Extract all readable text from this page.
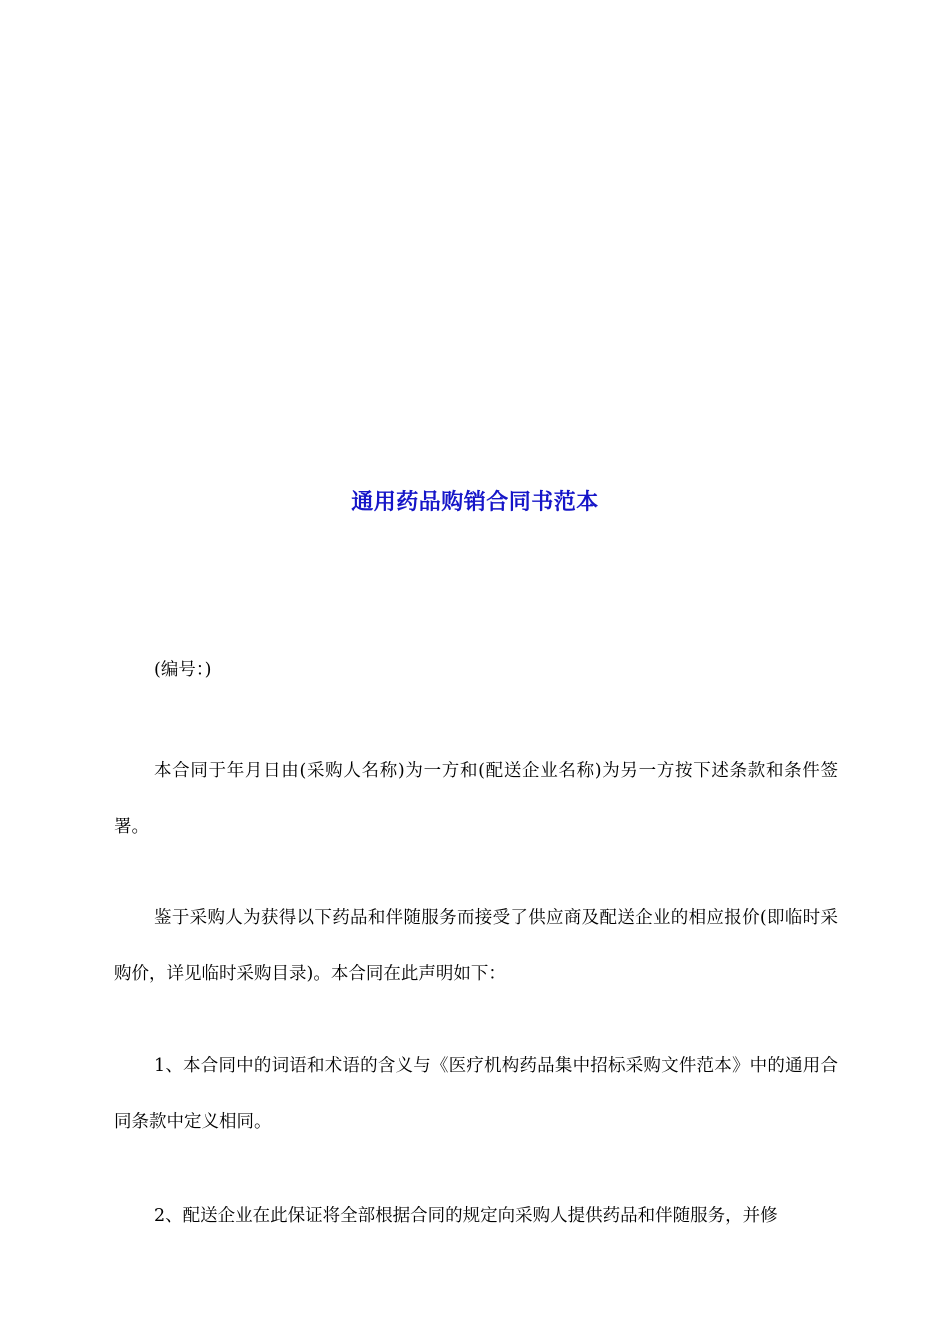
通用药品购销合同书范本

(编号：)

本合同于年月日由(采购人名称)为一方和(配送企业名称)为另一方按下述条款和条件签署。

鉴于采购人为获得以下药品和伴随服务而接受了供应商及配送企业的相应报价(即临时采购价，详见临时采购目录)。本合同在此声明如下：

1、本合同中的词语和术语的含义与《医疗机构药品集中招标采购文件范本》中的通用合同条款中定义相同。

2、配送企业在此保证将全部根据合同的规定向采购人提供药品和伴随服务，并修
